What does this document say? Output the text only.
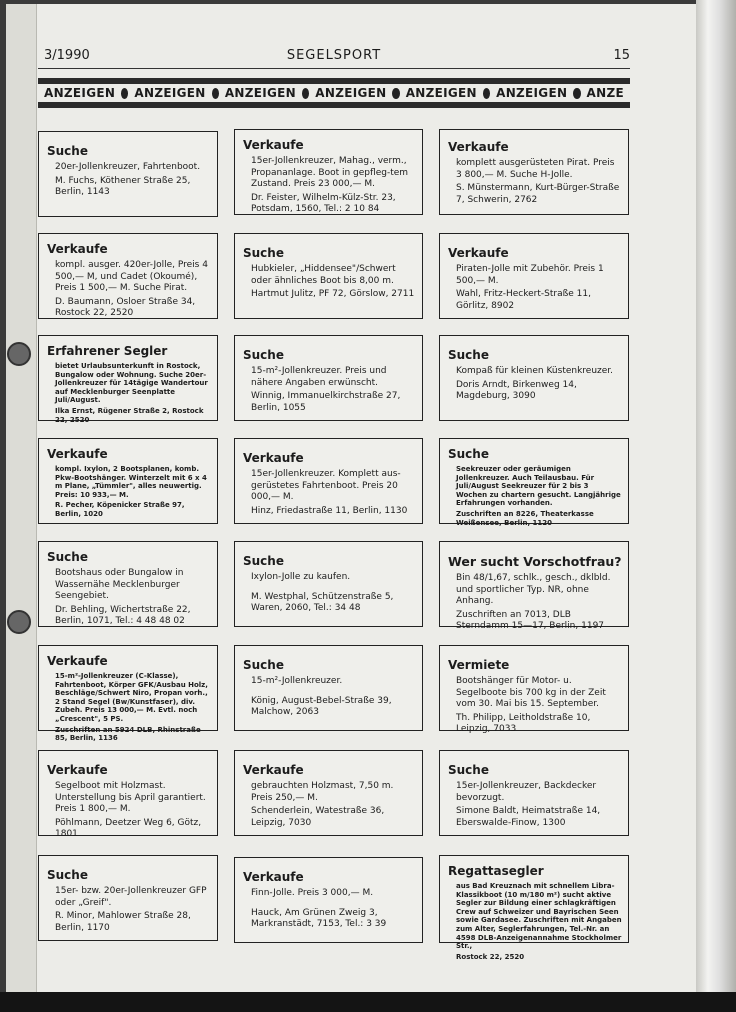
3/1990	SEGELSPORT	15
ANZEIGEN ANZEIGEN ANZEIGEN ANZEIGEN ANZEIGEN ANZEIGEN ANZE
Suche

20er-Jollenkreuzer, Fahrtenboot.

M. Fuchs, Köthener Straße 25, Berlin, 1143

Verkaufe

15er-Jollenkreuzer, Mahag., verm., Propananlage. Boot in gepfleg-tem Zustand. Preis 23 000,— M.

Dr. Feister, Wilhelm-Külz-Str. 23, Potsdam, 1560, Tel.: 2 10 84

Verkaufe

komplett ausgerüsteten Pirat. Preis 3 800,— M. Suche H-Jolle.

S. Münstermann, Kurt-Bürger-Straße 7, Schwerin, 2762

Verkaufe

kompl. ausger. 420er-Jolle, Preis 4 500,— M, und Cadet (Okoumé), Preis 1 500,— M. Suche Pirat.

D. Baumann, Osloer Straße 34, Rostock 22, 2520

Suche

Hubkieler, „Hiddensee"/Schwert oder ähnliches Boot bis 8,00 m.

Hartmut Julitz, PF 72, Görslow, 2711

Verkaufe

Piraten-Jolle mit Zubehör. Preis 1 500,— M.

Wahl, Fritz-Heckert-Straße 11, Görlitz, 8902

Erfahrener Segler

bietet Urlaubsunterkunft in Rostock, Bungalow oder Wohnung. Suche 20er-Jollenkreuzer für 14tägige Wandertour auf Mecklenburger Seenplatte Juli/August.

Ilka Ernst, Rügener Straße 2, Rostock 22, 2520

Suche

15-m²-Jollenkreuzer. Preis und nähere Angaben erwünscht.

Winnig, Immanuelkirchstraße 27, Berlin, 1055

Suche

Kompaß für kleinen Küstenkreuzer.

Doris Arndt, Birkenweg 14, Magdeburg, 3090

Verkaufe

kompl. Ixylon, 2 Bootsplanen, komb. Pkw-Bootshänger. Winterzelt mit 6 x 4 m Plane, „Tümmler", alles neuwertig. Preis: 10 933,— M.

R. Pecher, Köpenicker Straße 97, Berlin, 1020

Verkaufe

15er-Jollenkreuzer. Komplett aus-gerüstetes Fahrtenboot. Preis 20 000,— M.

Hinz, Friedastraße 11, Berlin, 1130

Suche

Seekreuzer oder geräumigen Jollenkreuzer. Auch Teilausbau. Für Juli/August Seekreuzer für 2 bis 3 Wochen zu chartern gesucht. Langjährige Erfahrungen vorhanden.

Zuschriften an 8226, Theaterkasse Weißensee, Berlin, 1120

Suche

Bootshaus oder Bungalow in Wassernähe Mecklenburger Seengebiet.

Dr. Behling, Wichertstraße 22, Berlin, 1071, Tel.: 4 48 48 02

Suche

Ixylon-Jolle zu kaufen.

M. Westphal, Schützenstraße 5, Waren, 2060, Tel.: 34 48

Wer sucht Vorschotfrau?

Bin 48/1,67, schlk., gesch., dklbld. und sportlicher Typ. NR, ohne Anhang.

Zuschriften an 7013, DLB Sterndamm 15—17, Berlin, 1197

Verkaufe

15-m²-Jollenkreuzer (C-Klasse), Fahrtenboot, Körper GFK/Ausbau Holz, Beschläge/Schwert Niro, Propan vorh., 2 Stand Segel (Bw/Kunstfaser), div. Zubeh. Preis 13 000,— M. Evtl. noch „Crescent", 5 PS.

Zuschriften an 5924 DLB, Rhinstraße 85, Berlin, 1136

Suche

15-m²-Jollenkreuzer.

König, August-Bebel-Straße 39, Malchow, 2063

Vermiete

Bootshänger für Motor- u. Segelboote bis 700 kg in der Zeit vom 30. Mai bis 15. September.

Th. Philipp, Leitholdstraße 10, Leipzig, 7033

Verkaufe

Segelboot mit Holzmast. Unterstellung bis April garantiert. Preis 1 800,— M.

Pöhlmann, Deetzer Weg 6, Götz, 1801

Verkaufe

gebrauchten Holzmast, 7,50 m. Preis 250,— M.

Schenderlein, Watestraße 36, Leipzig, 7030

Suche

15er-Jollenkreuzer, Backdecker bevorzugt.

Simone Baldt, Heimatstraße 14, Eberswalde-Finow, 1300

Suche

15er- bzw. 20er-Jollenkreuzer GFP oder „Greif".

R. Minor, Mahlower Straße 28, Berlin, 1170

Verkaufe

Finn-Jolle. Preis 3 000,— M.

Hauck, Am Grünen Zweig 3, Markranstädt, 7153, Tel.: 3 39

Regattasegler

aus Bad Kreuznach mit schnellem Libra-Klassikboot (10 m/180 m²) sucht aktive Segler zur Bildung einer schlagkräftigen Crew auf Schweizer und Bayrischen Seen sowie Gardasee. Zuschriften mit Angaben zum Alter, Seglerfahrungen, Tel.-Nr. an 4598 DLB-Anzeigenannahme Stockholmer Str.,

Rostock 22, 2520
